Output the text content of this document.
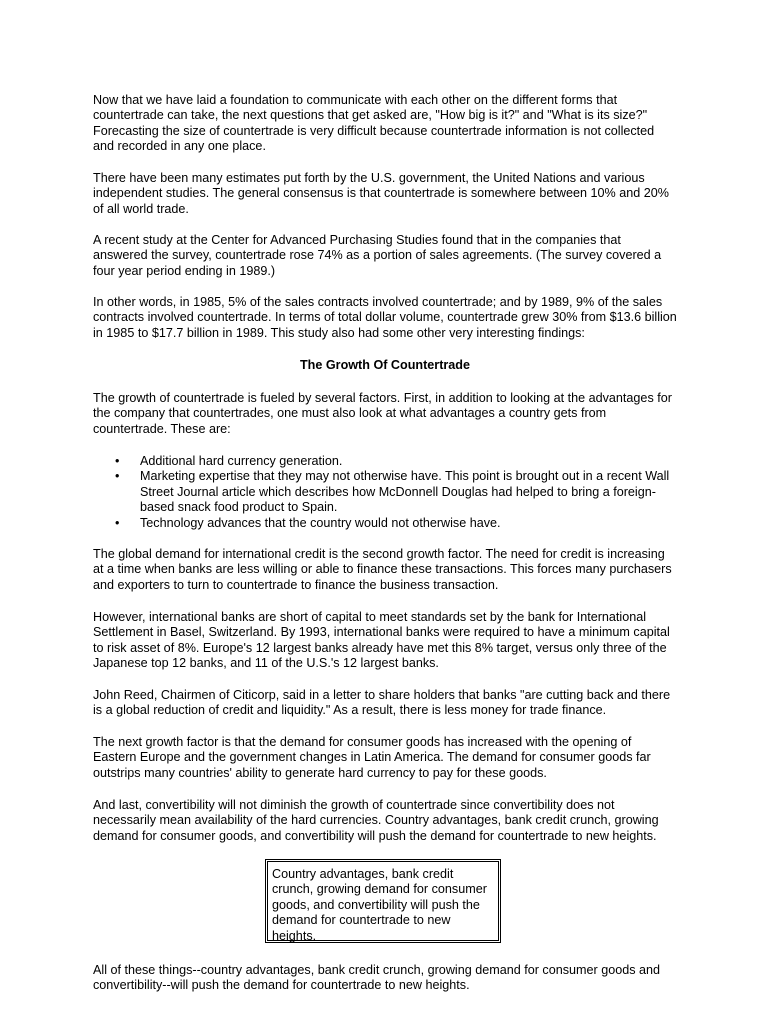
Now that we have laid a foundation to communicate with each other on the different forms that countertrade can take, the next questions that get asked are, "How big is it?" and "What is its size?" Forecasting the size of countertrade is very difficult because countertrade information is not collected and recorded in any one place.

There have been many estimates put forth by the U.S. government, the United Nations and various independent studies. The general consensus is that countertrade is somewhere between 10% and 20% of all world trade.

A recent study at the Center for Advanced Purchasing Studies found that in the companies that answered the survey, countertrade rose 74% as a portion of sales agreements. (The survey covered a four year period ending in 1989.)

In other words, in 1985, 5% of the sales contracts involved countertrade; and by 1989, 9% of the sales contracts involved countertrade. In terms of total dollar volume, countertrade grew 30% from $13.6 billion in 1985 to $17.7 billion in 1989. This study also had some other very interesting findings:

The Growth Of Countertrade

The growth of countertrade is fueled by several factors. First, in addition to looking at the advantages for the company that countertrades, one must also look at what advantages a country gets from countertrade. These are:

• Additional hard currency generation.
• Marketing expertise that they may not otherwise have. This point is brought out in a recent Wall Street Journal article which describes how McDonnell Douglas had helped to bring a foreign-based snack food product to Spain.
• Technology advances that the country would not otherwise have.

The global demand for international credit is the second growth factor. The need for credit is increasing at a time when banks are less willing or able to finance these transactions. This forces many purchasers and exporters to turn to countertrade to finance the business transaction.

However, international banks are short of capital to meet standards set by the bank for International Settlement in Basel, Switzerland. By 1993, international banks were required to have a minimum capital to risk asset of 8%. Europe's 12 largest banks already have met this 8% target, versus only three of the Japanese top 12 banks, and 11 of the U.S.'s 12 largest banks.

John Reed, Chairmen of Citicorp, said in a letter to share holders that banks "are cutting back and there is a global reduction of credit and liquidity." As a result, there is less money for trade finance.

The next growth factor is that the demand for consumer goods has increased with the opening of Eastern Europe and the government changes in Latin America. The demand for consumer goods far outstrips many countries' ability to generate hard currency to pay for these goods.

And last, convertibility will not diminish the growth of countertrade since convertibility does not necessarily mean availability of the hard currencies. Country advantages, bank credit crunch, growing demand for consumer goods, and convertibility will push the demand for countertrade to new heights.

All of these things--country advantages, bank credit crunch, growing demand for consumer goods and convertibility--will push the demand for countertrade to new heights.

Country advantages, bank credit crunch, growing demand for consumer goods, and convertibility will push the demand for countertrade to new heights.
